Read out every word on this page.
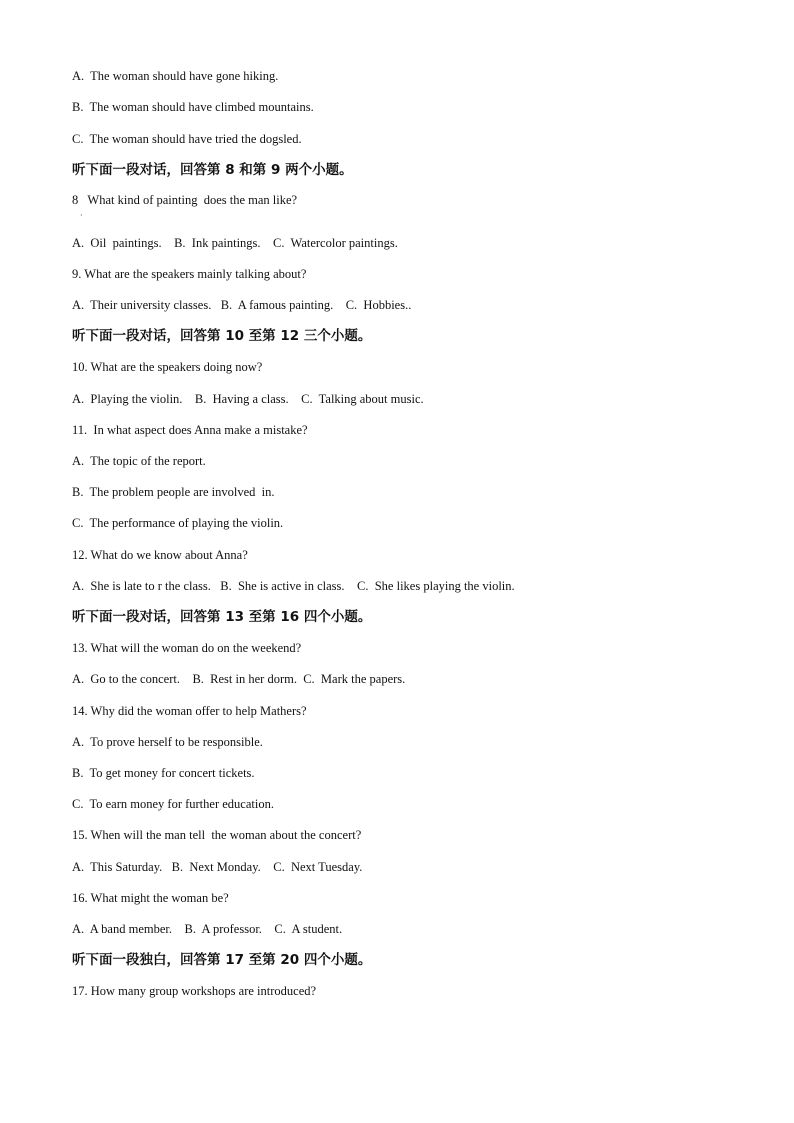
A.  The woman should have gone hiking.
B.  The woman should have climbed mountains.
C.  The woman should have tried the dogsled.
听下面一段对话，回答第 8 和第 9 两个小题。
8   What kind of painting  does the man like?
·
A.  Oil  paintings.    B.  Ink paintings.    C.  Watercolor paintings.
9. What are the speakers mainly talking about?
A.  Their university classes.   B.  A famous painting.    C.  Hobbies..
听下面一段对话，回答第 10 至第 12 三个小题。
10. What are the speakers doing now?
A.  Playing the violin.    B.  Having a class.    C.  Talking about music.
11.  In what aspect does Anna make a mistake?
A.  The topic of the report.
B.  The problem people are involved  in.
C.  The performance of playing the violin.
12. What do we know about Anna?
A.  She is late to r the class.   B.  She is active in class.    C.  She likes playing the violin.
听下面一段对话，回答第 13 至第 16 四个小题。
13. What will the woman do on the weekend?
A.  Go to the concert.    B.  Rest in her dorm.  C.  Mark the papers.
14. Why did the woman offer to help Mathers?
A.  To prove herself to be responsible.
B.  To get money for concert tickets.
C.  To earn money for further education.
15. When will the man tell  the woman about the concert?
A.  This Saturday.   B.  Next Monday.    C.  Next Tuesday.
16. What might the woman be?
A.  A band member.    B.  A professor.    C.  A student.
听下面一段独白，回答第 17 至第 20 四个小题。
17. How many group workshops are introduced?
